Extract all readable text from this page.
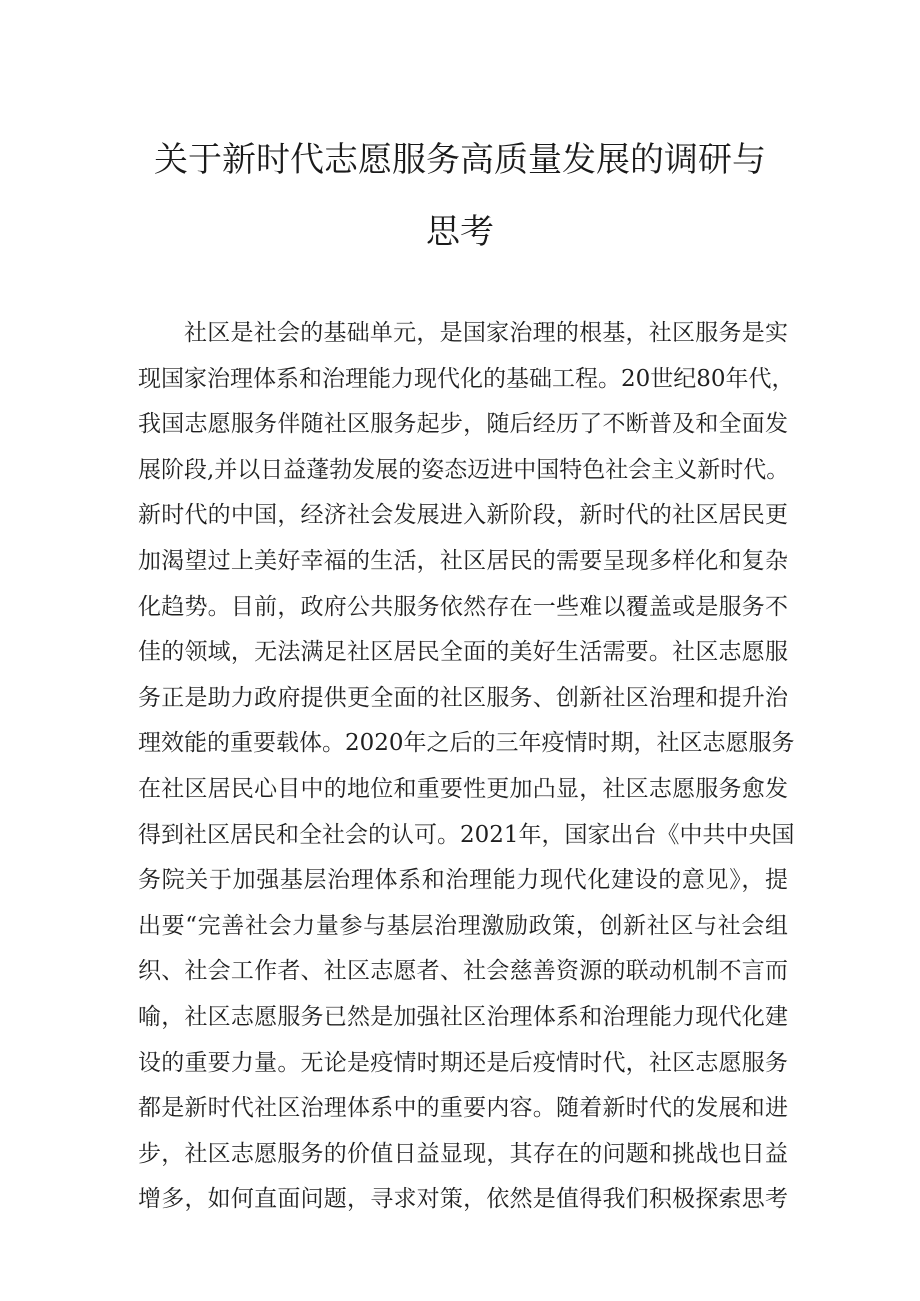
关于新时代志愿服务高质量发展的调研与
思考
社区是社会的基础单元，是国家治理的根基，社区服务是实
现国家治理体系和治理能力现代化的基础工程。20世纪80年代，
我国志愿服务伴随社区服务起步，随后经历了不断普及和全面发
展阶段,并以日益蓬勃发展的姿态迈进中国特色社会主义新时代。
新时代的中国，经济社会发展进入新阶段，新时代的社区居民更
加渴望过上美好幸福的生活，社区居民的需要呈现多样化和复杂
化趋势。目前，政府公共服务依然存在一些难以覆盖或是服务不
佳的领域，无法满足社区居民全面的美好生活需要。社区志愿服
务正是助力政府提供更全面的社区服务、创新社区治理和提升治
理效能的重要载体。2020年之后的三年疫情时期，社区志愿服务
在社区居民心目中的地位和重要性更加凸显，社区志愿服务愈发
得到社区居民和全社会的认可。2021年，国家出台《中共中央国
务院关于加强基层治理体系和治理能力现代化建设的意见》，提
出要“完善社会力量参与基层治理激励政策，创新社区与社会组
织、社会工作者、社区志愿者、社会慈善资源的联动机制不言而
喻，社区志愿服务已然是加强社区治理体系和治理能力现代化建
设的重要力量。无论是疫情时期还是后疫情时代，社区志愿服务
都是新时代社区治理体系中的重要内容。随着新时代的发展和进
步，社区志愿服务的价值日益显现，其存在的问题和挑战也日益
增多，如何直面问题，寻求对策，依然是值得我们积极探索思考
